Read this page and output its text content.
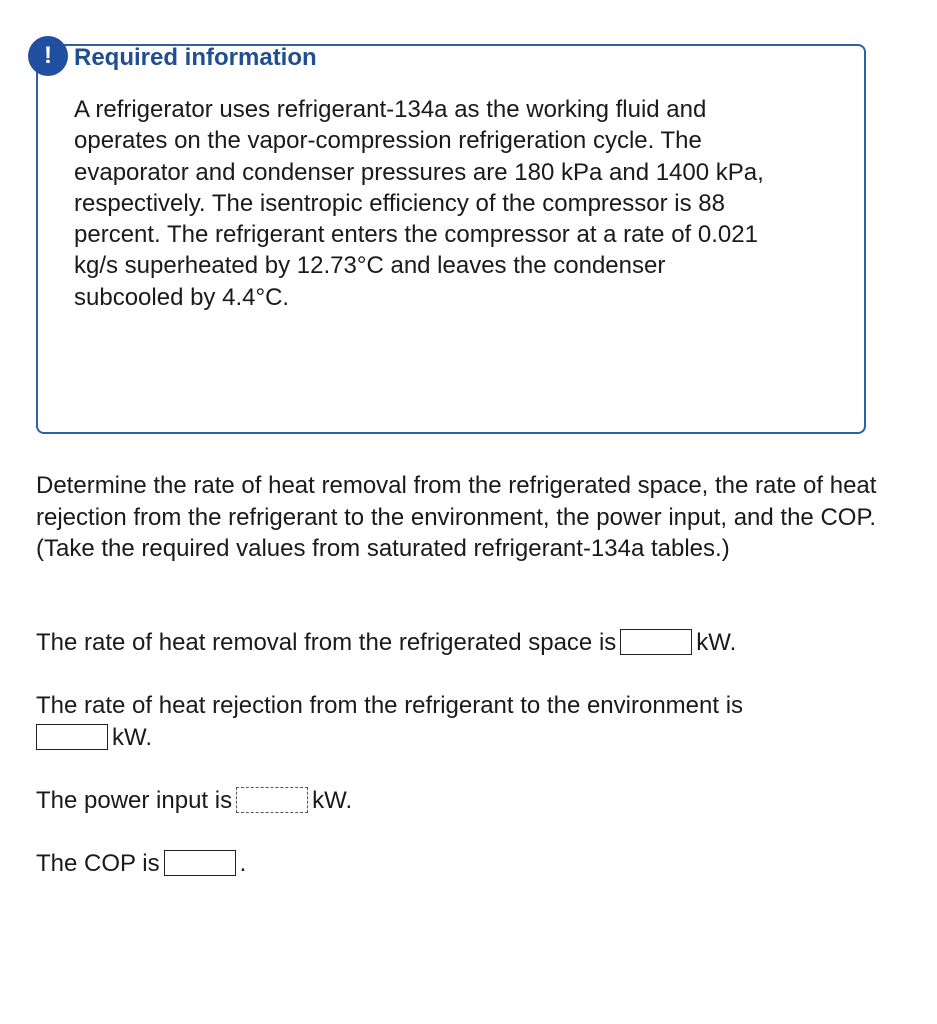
! Required information

A refrigerator uses refrigerant-134a as the working fluid and operates on the vapor-compression refrigeration cycle. The evaporator and condenser pressures are 180 kPa and 1400 kPa, respectively. The isentropic efficiency of the compressor is 88 percent. The refrigerant enters the compressor at a rate of 0.021 kg/s superheated by 12.73°C and leaves the condenser subcooled by 4.4°C.

Determine the rate of heat removal from the refrigerated space, the rate of heat rejection from the refrigerant to the environment, the power input, and the COP. (Take the required values from saturated refrigerant-134a tables.)

The rate of heat removal from the refrigerated space is	kW.

The rate of heat rejection from the refrigerant to the environment is

kW.

The power input is	kW.

The COP is	.
